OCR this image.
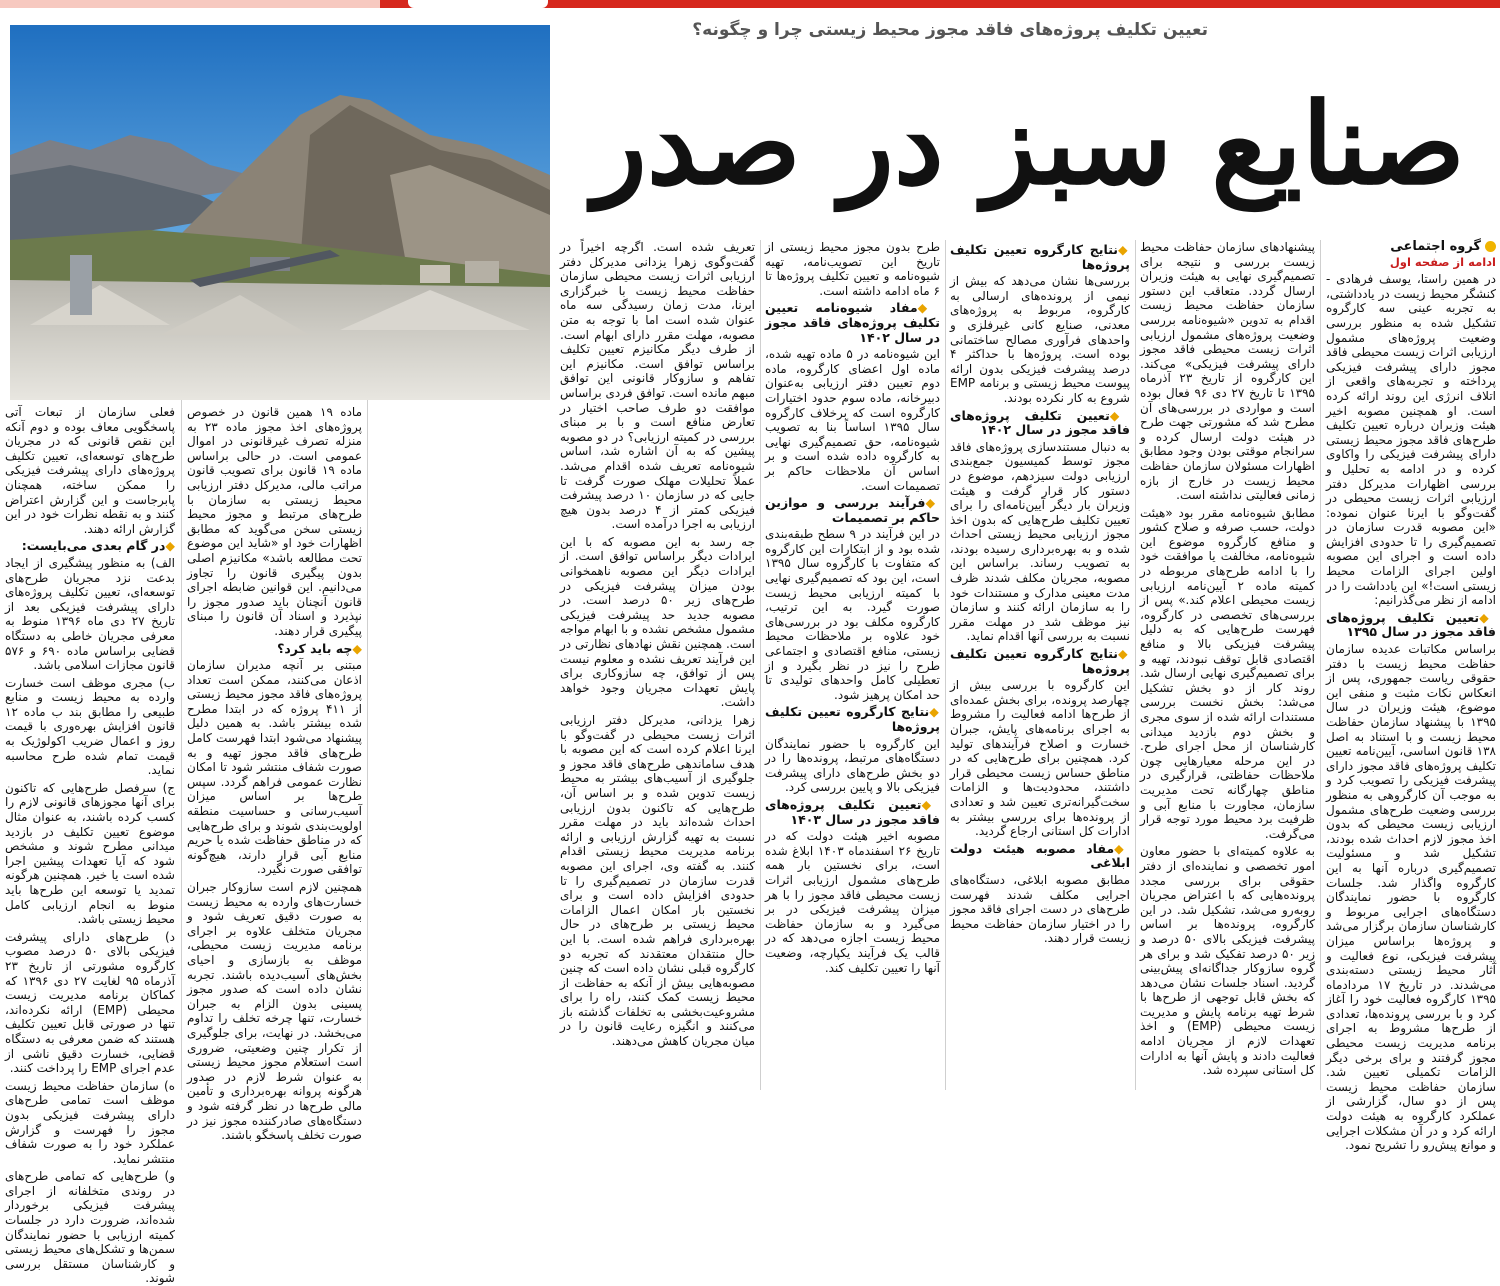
تعیین تکلیف پروژه‌های فاقد مجوز محیط زیستی چرا و چگونه؟
صنایع سبز در صدر
گروه اجتماعی
ادامه از صفحه اول

در همین راستا، یوسف فرهادی - کنشگر محیط زیست در یادداشتی، به تجربه عینی سه کارگروه تشکیل شده به منظور بررسی وضعیت پروژه‌های مشمول ارزیابی اثرات زیست محیطی فاقد مجوز دارای پیشرفت فیزیکی پرداخته و تجربه‌های واقعی از اتلاف انرژی این روند ارائه کرده است. او همچنین مصوبه اخیر هیئت وزیران درباره تعیین تکلیف طرح‌های فاقد مجوز محیط زیستی دارای پیشرفت فیزیکی را واکاوی کرده و در ادامه به تحلیل و بررسی اظهارات مدیرکل دفتر ارزیابی اثرات زیست محیطی در گفت‌وگو با ایرنا عنوان نموده: «این مصوبه قدرت سازمان در تصمیم‌گیری را تا حدودی افزایش داده است و اجرای این مصوبه اولین اجرای الزامات محیط زیستی است!» این یادداشت را در ادامه از نظر می‌گذرانیم:

◆ تعیین تکلیف پروژه‌های فاقد مجوز در سال ۱۳۹۵

براساس مکاتبات عدیده سازمان حفاظت محیط زیست با دفتر حقوقی ریاست جمهوری، پس از انعکاس نکات مثبت و منفی این موضوع، هیئت وزیران در سال ۱۳۹۵ با پیشنهاد سازمان حفاظت محیط زیست و با استناد به اصل ۱۳۸ قانون اساسی، آیین‌نامه تعیین تکلیف پروژه‌های فاقد مجوز دارای پیشرفت فیزیکی را تصویب کرد و به موجب آن کارگروهی به منظور بررسی وضعیت طرح‌های مشمول ارزیابی زیست محیطی که بدون اخذ مجوز لازم احداث شده بودند، تشکیل شد و مسئولیت تصمیم‌گیری درباره آنها به این کارگروه واگذار شد. جلسات کارگروه با حضور نمایندگان دستگاه‌های اجرایی مربوط و کارشناسان سازمان برگزار می‌شد و پروژه‌ها براساس میزان پیشرفت فیزیکی، نوع فعالیت و آثار محیط زیستی دسته‌بندی می‌شدند. در تاریخ ۱۷ مردادماه ۱۳۹۵ کارگروه فعالیت خود را آغاز کرد و با بررسی پرونده‌ها، تعدادی از طرح‌ها مشروط به اجرای برنامه مدیریت زیست محیطی مجوز گرفتند و برای برخی دیگر الزامات تکمیلی تعیین شد. سازمان حفاظت محیط زیست پس از دو سال، گزارشی از عملکرد کارگروه به هیئت دولت ارائه کرد و در آن مشکلات اجرایی و موانع پیش‌رو را تشریح نمود.

پیشنهادهای سازمان حفاظت محیط زیست بررسی و نتیجه برای تصمیم‌گیری نهایی به هیئت وزیران ارسال گردد. متعاقب این دستور سازمان حفاظت محیط زیست اقدام به تدوین «شیوه‌نامه بررسی وضعیت پروژه‌های مشمول ارزیابی اثرات زیست محیطی فاقد مجوز دارای پیشرفت فیزیکی» می‌کند. این کارگروه از تاریخ ۲۳ آذرماه ۱۳۹۵ تا تاریخ ۲۷ دی ۹۶ فعال بوده است و مواردی در بررسی‌های آن مطرح شد که مشورتی جهت طرح در هیئت دولت ارسال کرده و سرانجام موقتی بودن وجود مطابق اظهارات مسئولان سازمان حفاظت محیط زیست در خارج از بازه زمانی فعالیتی نداشته است.

مطابق شیوه‌نامه مقرر بود «هیئت دولت، حسب صرفه و صلاح کشور و منافع کارگروه موضوع این شیوه‌نامه، مخالفت یا موافقت خود را با ادامه طرح‌های مربوطه در کمیته ماده ۲ آیین‌نامه ارزیابی زیست محیطی اعلام کند.» پس از بررسی‌های تخصصی در کارگروه، فهرست طرح‌هایی که به دلیل پیشرفت فیزیکی بالا و منافع اقتصادی قابل توقف نبودند، تهیه و برای تصمیم‌گیری نهایی ارسال شد. روند کار از دو بخش تشکیل می‌شد: بخش نخست بررسی مستندات ارائه شده از سوی مجری و بخش دوم بازدید میدانی کارشناسان از محل اجرای طرح. در این مرحله معیارهایی چون ملاحظات حفاظتی، قرارگیری در مناطق چهارگانه تحت مدیریت سازمان، مجاورت با منابع آبی و ظرفیت برد محیط مورد توجه قرار می‌گرفت.

به علاوه کمیته‌ای با حضور معاون امور تخصصی و نماینده‌ای از دفتر حقوقی برای بررسی مجدد پرونده‌هایی که با اعتراض مجریان روبه‌رو می‌شد، تشکیل شد. در این کارگروه، پرونده‌ها بر اساس پیشرفت فیزیکی بالای ۵۰ درصد و زیر ۵۰ درصد تفکیک شد و برای هر گروه سازوکار جداگانه‌ای پیش‌بینی گردید. اسناد جلسات نشان می‌دهد که بخش قابل توجهی از طرح‌ها با شرط تهیه برنامه پایش و مدیریت زیست محیطی (EMP) و اخذ تعهدات لازم از مجریان ادامه فعالیت دادند و پایش آنها به ادارات کل استانی سپرده شد.

◆ نتایج کارگروه تعیین تکلیف پروژه‌ها

بررسی‌ها نشان می‌دهد که بیش از نیمی از پرونده‌های ارسالی به کارگروه، مربوط به پروژه‌های معدنی، صنایع کانی غیرفلزی و واحدهای فرآوری مصالح ساختمانی بوده است. پروژه‌ها با حداکثر ۴ درصد پیشرفت فیزیکی بدون ارائه پیوست محیط زیستی و برنامه EMP شروع به کار نکرده بودند.

◆ تعیین تکلیف پروژه‌های فاقد مجوز در سال ۱۴۰۲

به دنبال مستندسازی پروژه‌های فاقد مجوز توسط کمیسیون جمع‌بندی ارزیابی دولت سیزدهم، موضوع در دستور کار قرار گرفت و هیئت وزیران بار دیگر آیین‌نامه‌ای را برای تعیین تکلیف طرح‌هایی که بدون اخذ مجوز ارزیابی محیط زیستی احداث شده و به بهره‌برداری رسیده بودند، به تصویب رساند. براساس این مصوبه، مجریان مکلف شدند ظرف مدت معینی مدارک و مستندات خود را به سازمان ارائه کنند و سازمان نیز موظف شد در مهلت مقرر نسبت به بررسی آنها اقدام نماید.

◆ نتایج کارگروه تعیین تکلیف پروژه‌ها

این کارگروه با بررسی بیش از چهارصد پرونده، برای بخش عمده‌ای از طرح‌ها ادامه فعالیت را مشروط به اجرای برنامه‌های پایش، جبران خسارت و اصلاح فرآیندهای تولید کرد. همچنین برای طرح‌هایی که در مناطق حساس زیست محیطی قرار داشتند، محدودیت‌ها و الزامات سخت‌گیرانه‌تری تعیین شد و تعدادی از پرونده‌ها برای بررسی بیشتر به ادارات کل استانی ارجاع گردید.

◆ مفاد مصوبه هیئت دولت ابلاغی

مطابق مصوبه ابلاغی، دستگاه‌های اجرایی مکلف شدند فهرست طرح‌های در دست اجرای فاقد مجوز را در اختیار سازمان حفاظت محیط زیست قرار دهند.

طرح بدون مجوز محیط زیستی از تاریخ این تصویب‌نامه، تهیه شیوه‌نامه و تعیین تکلیف پروژه‌ها تا ۶ ماه ادامه داشته است.

◆ مفاد شیوه‌نامه تعیین تکلیف پروژه‌های فاقد مجوز در سال ۱۴۰۲

این شیوه‌نامه در ۵ ماده تهیه شده، ماده اول اعضای کارگروه، ماده دوم تعیین دفتر ارزیابی به‌عنوان دبیرخانه، ماده سوم حدود اختیارات کارگروه است که برخلاف کارگروه سال ۱۳۹۵ اساساً بنا به تصویب شیوه‌نامه، حق تصمیم‌گیری نهایی به کارگروه داده شده است و بر اساس آن ملاحظات حاکم بر تصمیمات است.

◆ فرآیند بررسی و موازین حاکم بر تصمیمات

در این فرآیند در ۹ سطح طبقه‌بندی شده بود و از ابتکارات این کارگروه که متفاوت با کارگروه سال ۱۳۹۵ است، این بود که تصمیم‌گیری نهایی با کمیته ارزیابی محیط زیست صورت گیرد. به این ترتیب، کارگروه مکلف بود در بررسی‌های خود علاوه بر ملاحظات محیط زیستی، منافع اقتصادی و اجتماعی طرح را نیز در نظر بگیرد و از تعطیلی کامل واحدهای تولیدی تا حد امکان پرهیز شود.

◆ نتایج کارگروه تعیین تکلیف پروژه‌ها

این کارگروه با حضور نمایندگان دستگاه‌های مرتبط، پرونده‌ها را در دو بخش طرح‌های دارای پیشرفت فیزیکی بالا و پایین بررسی کرد.

◆ تعیین تکلیف پروژه‌های فاقد مجوز در سال ۱۴۰۳

مصوبه اخیر هیئت دولت که در تاریخ ۲۶ اسفندماه ۱۴۰۳ ابلاغ شده است، برای نخستین بار همه طرح‌های مشمول ارزیابی اثرات زیست محیطی فاقد مجوز را با هر میزان پیشرفت فیزیکی در بر می‌گیرد و به سازمان حفاظت محیط زیست اجازه می‌دهد که در قالب یک فرآیند یکپارچه، وضعیت آنها را تعیین تکلیف کند.

تعریف شده است. اگرچه اخیراً در گفت‌وگوی زهرا یزدانی مدیرکل دفتر ارزیابی اثرات زیست محیطی سازمان حفاظت محیط زیست با خبرگزاری ایرنا، مدت زمان رسیدگی سه ماه عنوان شده است اما با توجه به متن مصوبه، مهلت مقرر دارای ابهام است. از طرف دیگر مکانیزم تعیین تکلیف براساس توافق است. مکانیزم این تفاهم و سازوکار قانونی این توافق مبهم مانده است. توافق فردی براساس موافقت دو طرف صاحب اختیار در تعارض منافع است و با بر مبنای بررسی در کمیته ارزیابی؟ در دو مصوبه پیشین که به آن اشاره شد، اساس شیوه‌نامه تعریف شده اقدام می‌شد. عملاً تحلیلات مهلک صورت گرفت تا جایی که در سازمان ۱۰ درصد پیشرفت فیزیکی کمتر از ۴ درصد بدون هیچ ارزیابی به اجرا درآمده است.

جه رسد به این مصوبه که با این ایرادات دیگر براساس توافق است. از ایرادات دیگر این مصوبه ناهمخوانی بودن میزان پیشرفت فیزیکی در طرح‌های زیر ۵۰ درصد است. در مصوبه جدید حد پیشرفت فیزیکی مشمول مشخص نشده و با ابهام مواجه است. همچنین نقش نهادهای نظارتی در این فرآیند تعریف نشده و معلوم نیست پس از توافق، چه سازوکاری برای پایش تعهدات مجریان وجود خواهد داشت.

زهرا یزدانی، مدیرکل دفتر ارزیابی اثرات زیست محیطی در گفت‌وگو با ایرنا اعلام کرده است که این مصوبه با هدف ساماندهی طرح‌های فاقد مجوز و جلوگیری از آسیب‌های بیشتر به محیط زیست تدوین شده و بر اساس آن، طرح‌هایی که تاکنون بدون ارزیابی احداث شده‌اند باید در مهلت مقرر نسبت به تهیه گزارش ارزیابی و ارائه برنامه مدیریت محیط زیستی اقدام کنند. به گفته وی، اجرای این مصوبه قدرت سازمان در تصمیم‌گیری را تا حدودی افزایش داده است و برای نخستین بار امکان اعمال الزامات محیط زیستی بر طرح‌های در حال بهره‌برداری فراهم شده است. با این حال منتقدان معتقدند که تجربه دو کارگروه قبلی نشان داده است که چنین مصوبه‌هایی بیش از آنکه به حفاظت از محیط زیست کمک کنند، راه را برای مشروعیت‌بخشی به تخلفات گذشته باز می‌کنند و انگیزه رعایت قانون را در میان مجریان کاهش می‌دهند.

ماده ۱۹ همین قانون در خصوص پروژه‌های اخذ مجوز ماده ۲۳ به منزله تصرف غیرقانونی در اموال عمومی است. در حالی براساس ماده ۱۹ قانون برای تصویب قانون مراتب مالی، مدیرکل دفتر ارزیابی محیط زیستی به سازمان با طرح‌های مرتبط و مجوز محیط زیستی سخن می‌گوید که مطابق اظهارات خود او «شاید این موضوع تحت مطالعه باشد» مکانیزم اصلی بدون پیگیری قانون را تجاوز می‌دانیم. این قوانین ضابطه اجرای قانون آنچنان باید صدور مجوز را نپذیرد و اسناد آن قانون را مبنای پیگیری قرار دهند.

◆ چه باید کرد؟

مبتنی بر آنچه مدیران سازمان اذعان می‌کنند، ممکن است تعداد پروژه‌های فاقد مجوز محیط زیستی از ۴۱۱ پروژه که در ابتدا مطرح شده بیشتر باشد. به همین دلیل پیشنهاد می‌شود ابتدا فهرست کامل طرح‌های فاقد مجوز تهیه و به صورت شفاف منتشر شود تا امکان نظارت عمومی فراهم گردد. سپس طرح‌ها بر اساس میزان آسیب‌رسانی و حساسیت منطقه اولویت‌بندی شوند و برای طرح‌هایی که در مناطق حفاظت شده یا حریم منابع آبی قرار دارند، هیچ‌گونه توافقی صورت نگیرد.

همچنین لازم است سازوکار جبران خسارت‌های وارده به محیط زیست به صورت دقیق تعریف شود و مجریان متخلف علاوه بر اجرای برنامه مدیریت زیست محیطی، موظف به بازسازی و احیای بخش‌های آسیب‌دیده باشند. تجربه نشان داده است که صدور مجوز پسینی بدون الزام به جبران خسارت، تنها چرخه تخلف را تداوم می‌بخشد. در نهایت، برای جلوگیری از تکرار چنین وضعیتی، ضروری است استعلام مجوز محیط زیستی به عنوان شرط لازم در صدور هرگونه پروانه بهره‌برداری و تأمین مالی طرح‌ها در نظر گرفته شود و دستگاه‌های صادرکننده مجوز نیز در صورت تخلف پاسخگو باشند.

فعلی سازمان از تبعات آتی پاسخگویی معاف بوده و دوم آنکه این نقص قانونی که در مجریان طرح‌های توسعه‌ای، تعیین تکلیف پروژه‌های دارای پیشرفت فیزیکی را ممکن ساخته، همچنان پابرجاست و این گزارش اعتراض کنند و به نقطه نظرات خود در این گزارش ارائه دهند.

◆ در گام بعدی می‌بایست:

الف) به منظور پیشگیری از ایجاد بدعت نزد مجریان طرح‌های توسعه‌ای، تعیین تکلیف پروژه‌های دارای پیشرفت فیزیکی بعد از تاریخ ۲۷ دی ماه ۱۳۹۶ منوط به معرفی مجریان خاطی به دستگاه قضایی براساس ماده ۶۹۰ و ۵۷۶ قانون مجازات اسلامی باشد.

ب) مجری موظف است خسارت وارده به محیط زیست و منابع طبیعی را مطابق بند ب ماده ۱۲ قانون افزایش بهره‌وری با قیمت روز و اعمال ضریب اکولوژیک به قیمت تمام شده طرح محاسبه نماید.

ج) سرفصل طرح‌هایی که تاکنون برای آنها مجوزهای قانونی لازم را کسب کرده باشند، به عنوان مثال موضوع تعیین تکلیف در بازدید میدانی مطرح شوند و مشخص شود که آیا تعهدات پیشین اجرا شده است یا خیر. همچنین هرگونه تمدید یا توسعه این طرح‌ها باید منوط به انجام ارزیابی کامل محیط زیستی باشد.

د) طرح‌های دارای پیشرفت فیزیکی بالای ۵۰ درصد مصوب کارگروه مشورتی از تاریخ ۲۳ آذرماه ۹۵ لغایت ۲۷ دی ۱۳۹۶ که کماکان برنامه مدیریت زیست محیطی (EMP) ارائه نکرده‌اند، تنها در صورتی قابل تعیین تکلیف هستند که ضمن معرفی به دستگاه قضایی، خسارت دقیق ناشی از عدم اجرای EMP را پرداخت کنند.

ه) سازمان حفاظت محیط زیست موظف است تمامی طرح‌های دارای پیشرفت فیزیکی بدون مجوز را فهرست و گزارش عملکرد خود را به صورت شفاف منتشر نماید.

و) طرح‌هایی که تمامی طرح‌های در روندی متخلفانه از اجرای پیشرفت فیزیکی برخوردار شده‌اند، ضرورت دارد در جلسات کمیته ارزیابی با حضور نمایندگان سمن‌ها و تشکل‌های محیط زیستی و کارشناسان مستقل بررسی شوند.
